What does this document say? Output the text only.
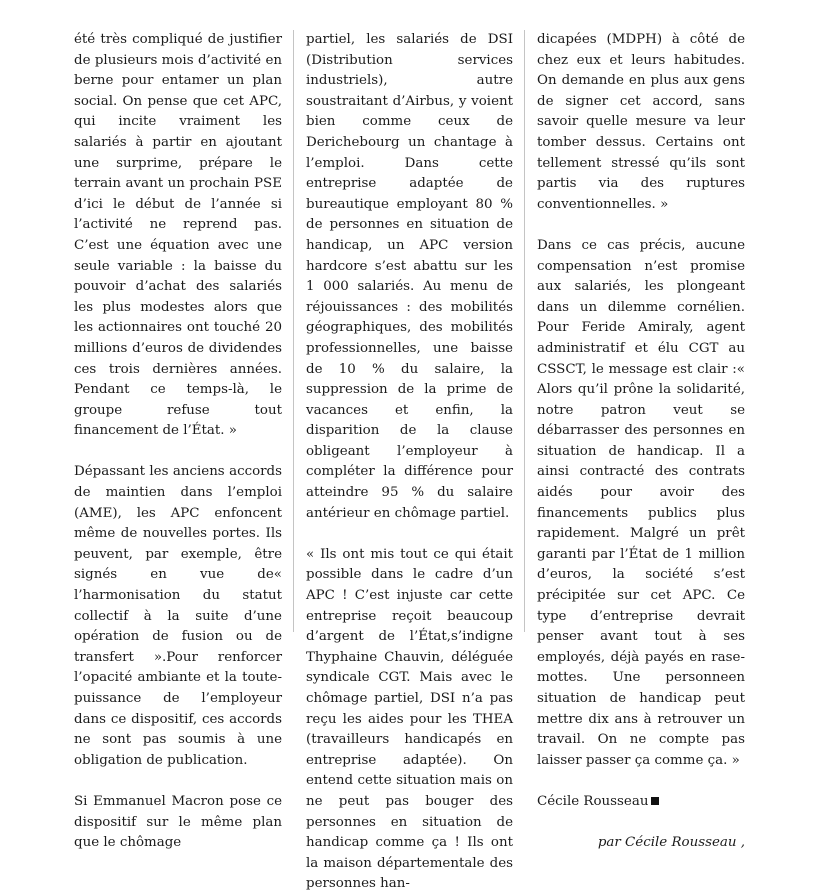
été très compliqué de justifier de plusieurs mois d’activité en berne pour entamer un plan social. On pense que cet APC, qui incite vraiment les salariés à partir en ajoutant une surprime, prépare le terrain avant un prochain PSE d’ici le début de l’année si l’activité ne reprend pas. C’est une équation avec une seule variable : la baisse du pouvoir d’achat des salariés les plus modestes alors que les actionnaires ont touché 20 millions d’euros de dividendes ces trois dernières années. Pendant ce temps-là, le groupe refuse tout financement de l’État. »

Dépassant les anciens accords de maintien dans l’emploi (AME), les APC enfoncent même de nouvelles portes. Ils peuvent, par exemple, être signés en vue de« l’harmonisation du statut collectif à la suite d’une opération de fusion ou de transfert ».Pour renforcer l’opacité ambiante et la toute-puissance de l’employeur dans ce dispositif, ces accords ne sont pas soumis à une obligation de publication.

Si Emmanuel Macron pose ce dispositif sur le même plan que le chômage

partiel, les salariés de DSI (Distribution services industriels), autre soustraitant d’Airbus, y voient bien comme ceux de Derichebourg un chantage à l’emploi. Dans cette entreprise adaptée de bureautique employant 80 % de personnes en situation de handicap, un APC version hardcore s’est abattu sur les 1 000 salariés. Au menu de réjouissances : des mobilités géographiques, des mobilités professionnelles, une baisse de 10 % du salaire, la suppression de la prime de vacances et enfin, la disparition de la clause obligeant l’employeur à compléter la différence pour atteindre 95 % du salaire antérieur en chômage partiel.

« Ils ont mis tout ce qui était possible dans le cadre d’un APC ! C’est injuste car cette entreprise reçoit beaucoup d’argent de l’État,s’indigne Thyphaine Chauvin, déléguée syndicale CGT. Mais avec le chômage partiel, DSI n’a pas reçu les aides pour les THEA (travailleurs handicapés en entreprise adaptée). On entend cette situation mais on ne peut pas bouger des personnes en situation de handicap comme ça ! Ils ont la maison départementale des personnes han-

dicapées (MDPH) à côté de chez eux et leurs habitudes. On demande en plus aux gens de signer cet accord, sans savoir quelle mesure va leur tomber dessus. Certains ont tellement stressé qu’ils sont partis via des ruptures conventionnelles. »

Dans ce cas précis, aucune compensation n’est promise aux salariés, les plongeant dans un dilemme cornélien. Pour Feride Amiraly, agent administratif et élu CGT au CSSCT, le message est clair :« Alors qu’il prône la solidarité, notre patron veut se débarrasser des personnes en situation de handicap. Il a ainsi contracté des contrats aidés pour avoir des financements publics plus rapidement. Malgré un prêt garanti par l’État de 1 million d’euros, la société s’est précipitée sur cet APC. Ce type d’entreprise devrait penser avant tout à ses employés, déjà payés en rase-mottes. Une personneen situation de handicap peut mettre dix ans à retrouver un travail. On ne compte pas laisser passer ça comme ça. »

Cécile Rousseau

par Cécile Rousseau ,
